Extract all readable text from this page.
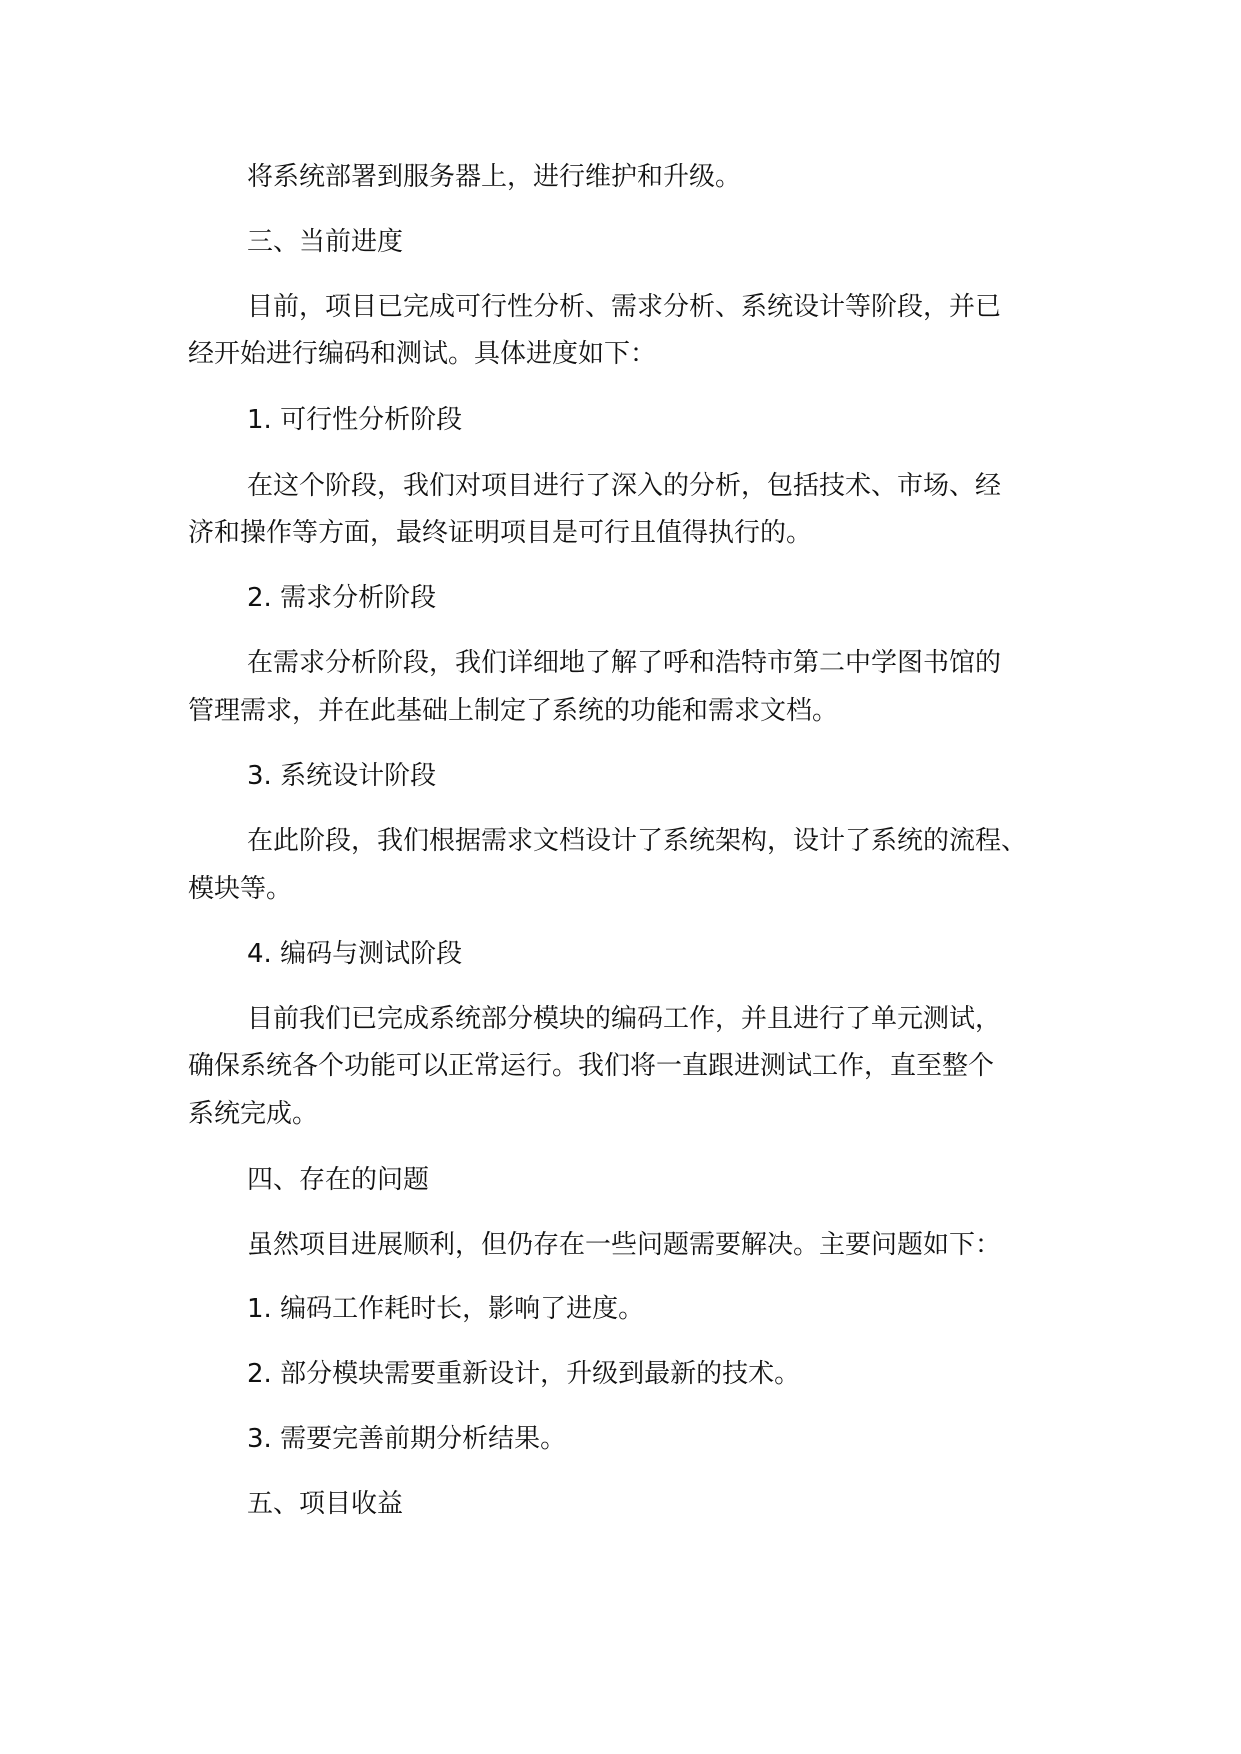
将系统部署到服务器上，进行维护和升级。
三、当前进度
目前，项目已完成可行性分析、需求分析、系统设计等阶段，并已
经开始进行编码和测试。具体进度如下：
1. 可行性分析阶段
在这个阶段，我们对项目进行了深入的分析，包括技术、市场、经
济和操作等方面，最终证明项目是可行且值得执行的。
2. 需求分析阶段
在需求分析阶段，我们详细地了解了呼和浩特市第二中学图书馆的
管理需求，并在此基础上制定了系统的功能和需求文档。
3. 系统设计阶段
在此阶段，我们根据需求文档设计了系统架构，设计了系统的流程、
模块等。
4. 编码与测试阶段
目前我们已完成系统部分模块的编码工作，并且进行了单元测试，
确保系统各个功能可以正常运行。我们将一直跟进测试工作，直至整个
系统完成。
四、存在的问题
虽然项目进展顺利，但仍存在一些问题需要解决。主要问题如下：
1. 编码工作耗时长，影响了进度。
2. 部分模块需要重新设计，升级到最新的技术。
3. 需要完善前期分析结果。
五、项目收益
